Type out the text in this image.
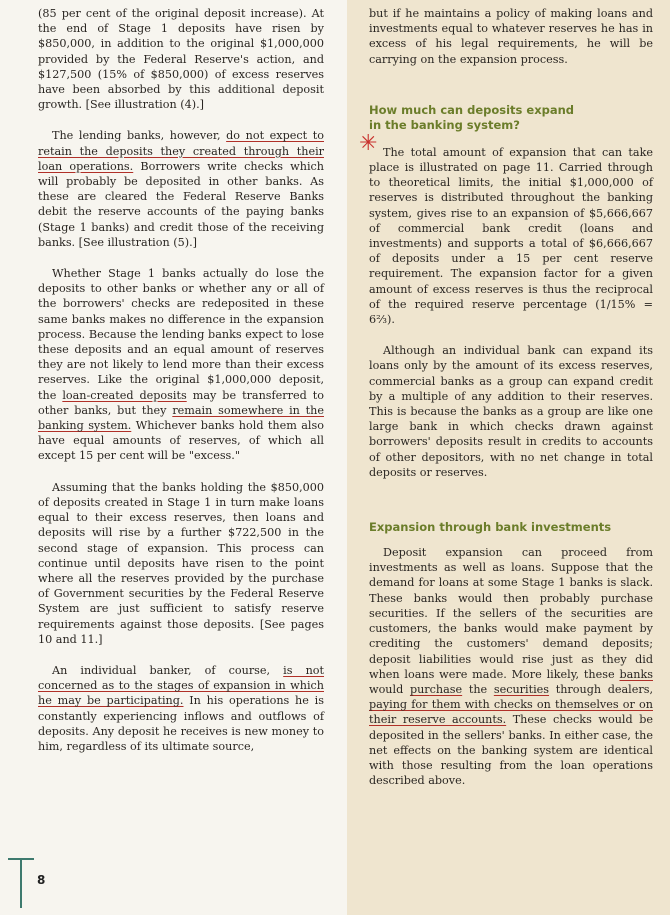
(85 per cent of the original deposit increase). At the end of Stage 1 deposits have risen by $850,000, in addition to the original $1,000,000 provided by the Federal Reserve's action, and $127,500 (15% of $850,000) of excess reserves have been absorbed by this additional deposit growth. [See illustration (4).]

The lending banks, however, do not expect to retain the deposits they created through their loan operations. Borrowers write checks which will probably be deposited in other banks. As these are cleared the Federal Reserve Banks debit the reserve accounts of the paying banks (Stage 1 banks) and credit those of the receiving banks. [See illustration (5).]

Whether Stage 1 banks actually do lose the deposits to other banks or whether any or all of the borrowers' checks are redeposited in these same banks makes no difference in the expansion process. Because the lending banks expect to lose these deposits and an equal amount of reserves they are not likely to lend more than their excess reserves. Like the original $1,000,000 deposit, the loan-created deposits may be transferred to other banks, but they remain somewhere in the banking system. Whichever banks hold them also have equal amounts of reserves, of which all except 15 per cent will be "excess."

Assuming that the banks holding the $850,000 of deposits created in Stage 1 in turn make loans equal to their excess reserves, then loans and deposits will rise by a further $722,500 in the second stage of expansion. This process can continue until deposits have risen to the point where all the reserves provided by the purchase of Government securities by the Federal Reserve System are just sufficient to satisfy reserve requirements against those deposits. [See pages 10 and 11.]

An individual banker, of course, is not concerned as to the stages of expansion in which he may be participating. In his operations he is constantly experiencing inflows and outflows of deposits. Any deposit he receives is new money to him, regardless of its ultimate source,

8
✳

but if he maintains a policy of making loans and investments equal to whatever reserves he has in excess of his legal requirements, he will be carrying on the expansion process.

How much can deposits expand
in the banking system?

The total amount of expansion that can take place is illustrated on page 11. Carried through to theoretical limits, the initial $1,000,000 of reserves is distributed throughout the banking system, gives rise to an expansion of $5,666,667 of commercial bank credit (loans and investments) and supports a total of $6,666,667 of deposits under a 15 per cent reserve requirement. The expansion factor for a given amount of excess reserves is thus the reciprocal of the required reserve percentage (1/15% = 6⅔).

Although an individual bank can expand its loans only by the amount of its excess reserves, commercial banks as a group can expand credit by a multiple of any addition to their reserves. This is because the banks as a group are like one large bank in which checks drawn against borrowers' deposits result in credits to accounts of other depositors, with no net change in total deposits or reserves.

Expansion through bank investments

Deposit expansion can proceed from investments as well as loans. Suppose that the demand for loans at some Stage 1 banks is slack. These banks would then probably purchase securities. If the sellers of the securities are customers, the banks would make payment by crediting the customers' demand deposits; deposit liabilities would rise just as they did when loans were made. More likely, these banks would purchase the securities through dealers, paying for them with checks on themselves or on their reserve accounts. These checks would be deposited in the sellers' banks. In either case, the net effects on the banking system are identical with those resulting from the loan operations described above.
